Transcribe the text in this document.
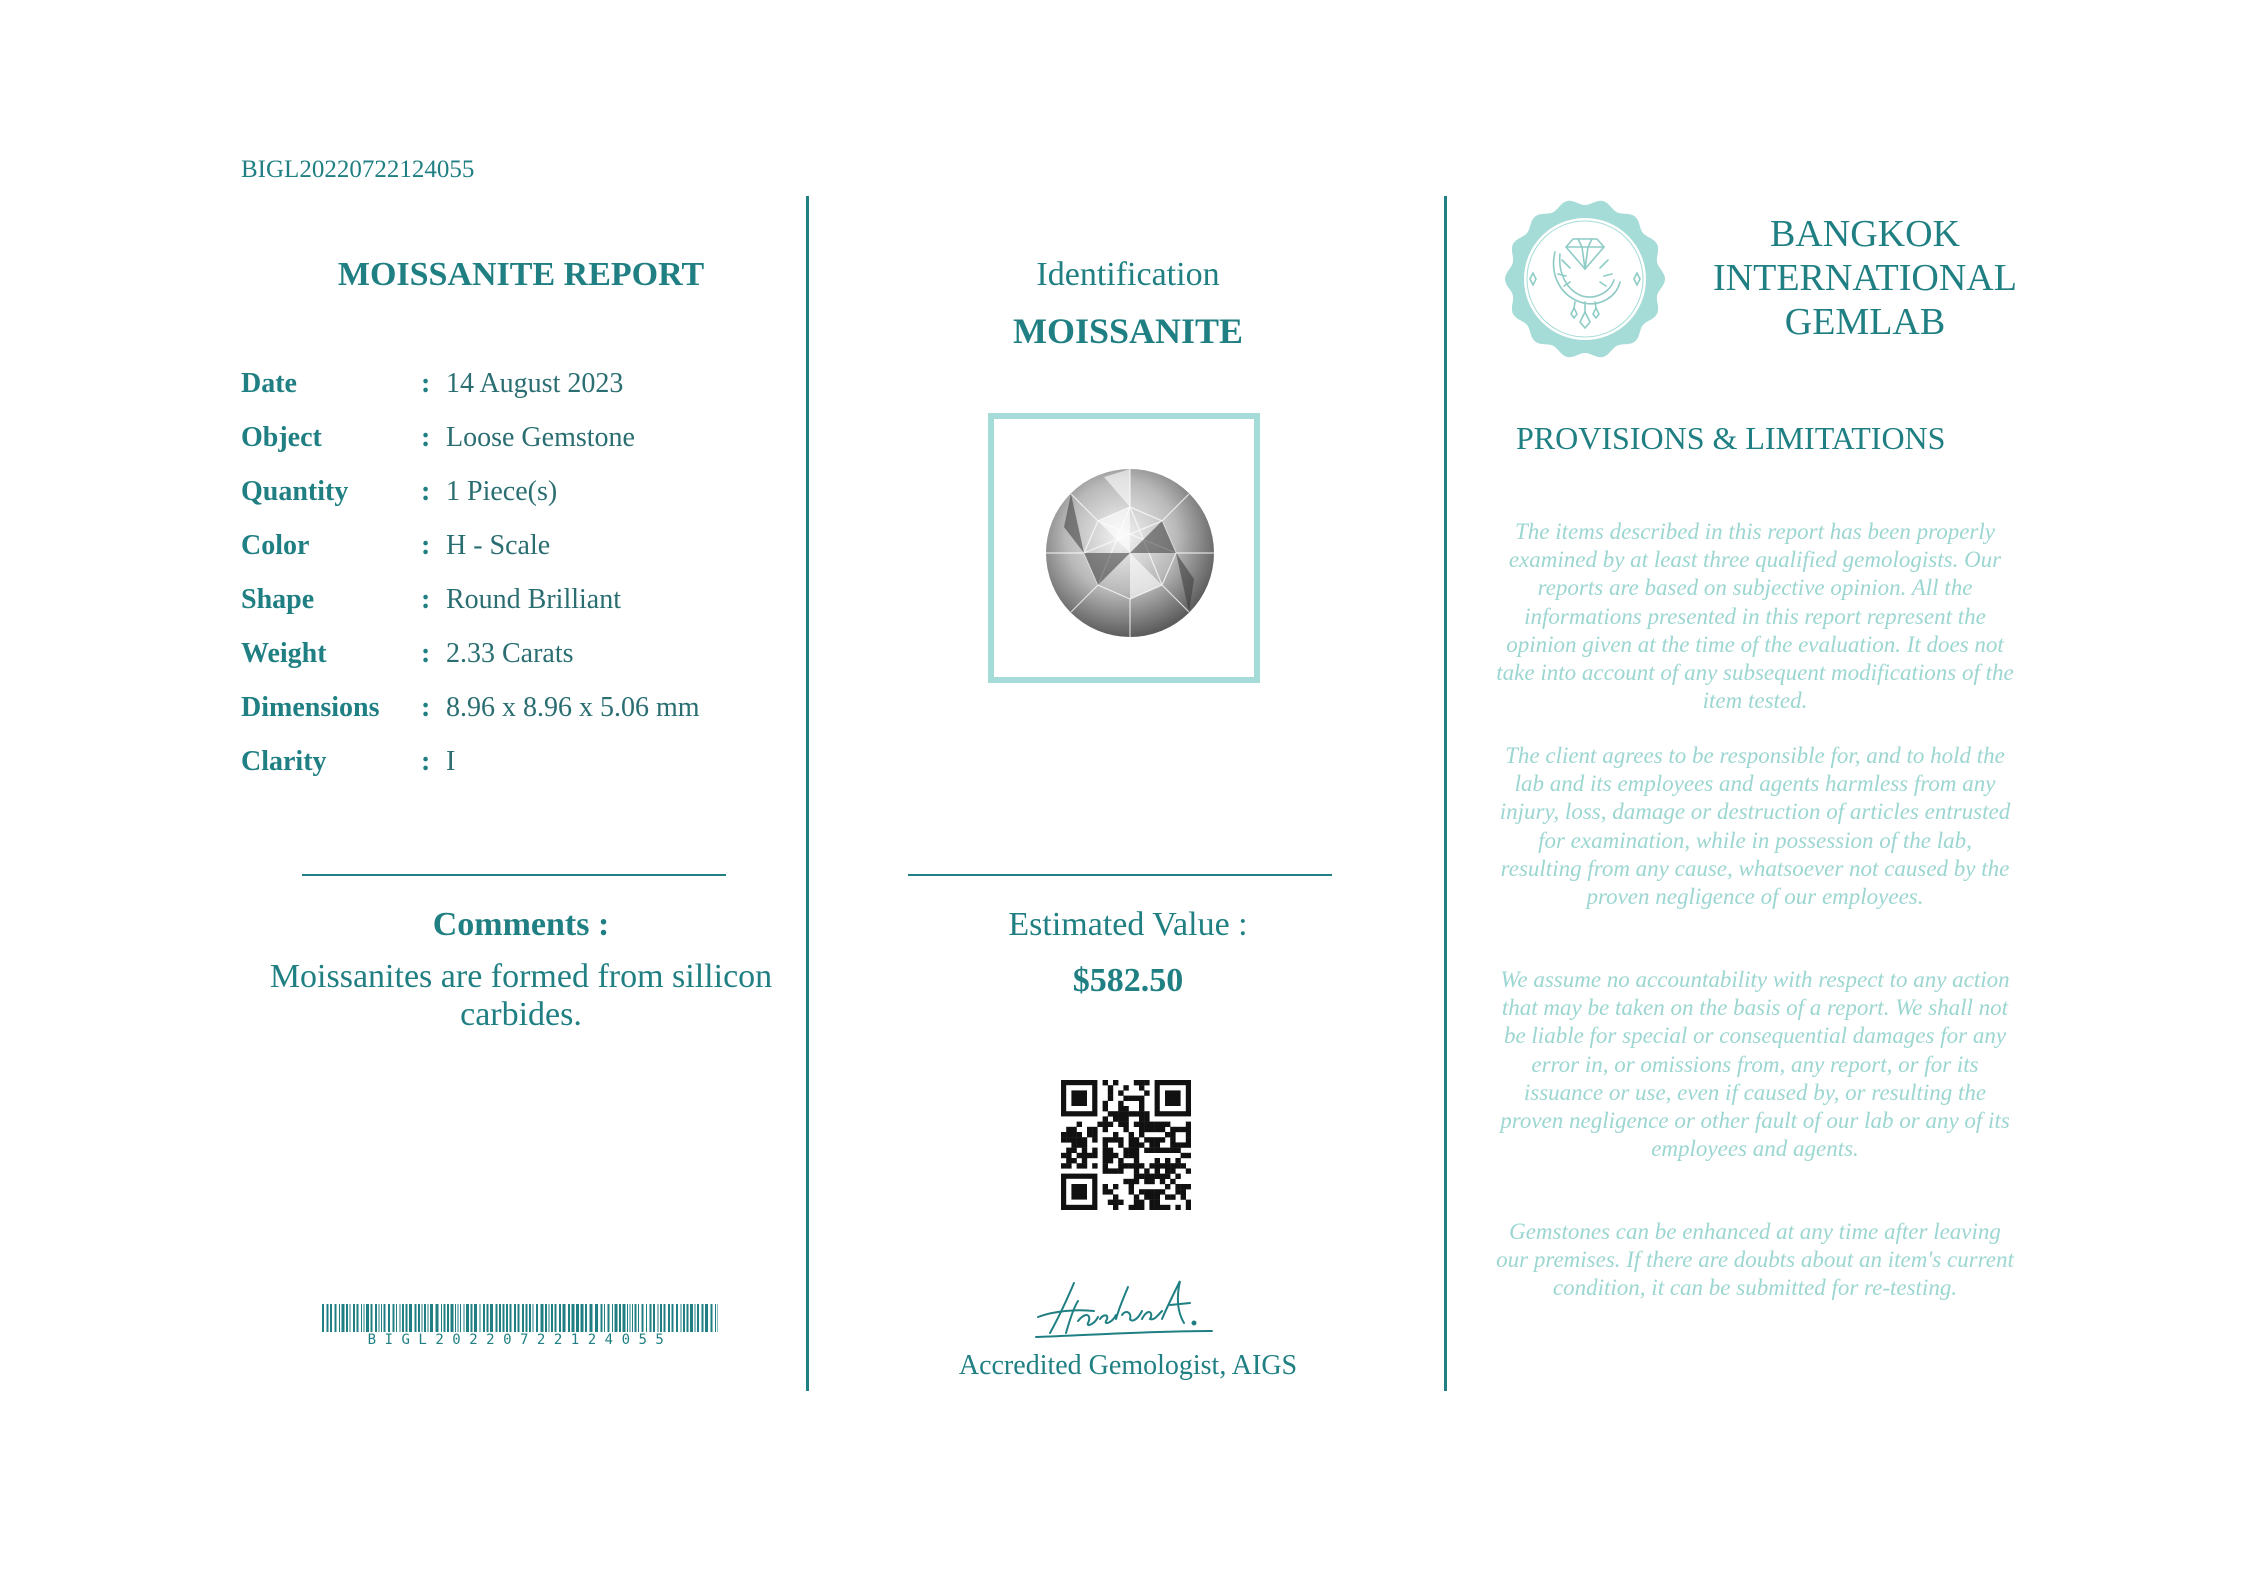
BIGL20220722124055
MOISSANITE REPORT
Date	: 14 August 2023
Object	: Loose Gemstone
Quantity	: 1 Piece(s)
Color	: H - Scale
Shape	: Round Brilliant
Weight	: 2.33 Carats
Dimensions : 8.96 x 8.96 x 5.06 mm
Clarity	: I
Comments :
Moissanites are formed from sillicon carbides.
BIGL20220722124055
Identification
MOISSANITE
Estimated Value :
$582.50
Accredited Gemologist, AIGS
BANGKOK
INTERNATIONAL
GEMLAB
PROVISIONS & LIMITATIONS
The items described in this report has been properly examined by at least three qualified gemologists. Our reports are based on subjective opinion. All the informations presented in this report represent the opinion given at the time of the evaluation. It does not take into account of any subsequent modifications of the item tested.
The client agrees to be responsible for, and to hold the lab and its employees and agents harmless from any injury, loss, damage or destruction of articles entrusted for examination, while in possession of the lab, resulting from any cause, whatsoever not caused by the proven negligence of our employees.
We assume no accountability with respect to any action that may be taken on the basis of a report. We shall not be liable for special or consequential damages for any error in, or omissions from, any report, or for its issuance or use, even if caused by, or resulting the proven negligence or other fault of our lab or any of its employees and agents.
Gemstones can be enhanced at any time after leaving our premises. If there are doubts about an item's current condition, it can be submitted for re-testing.
